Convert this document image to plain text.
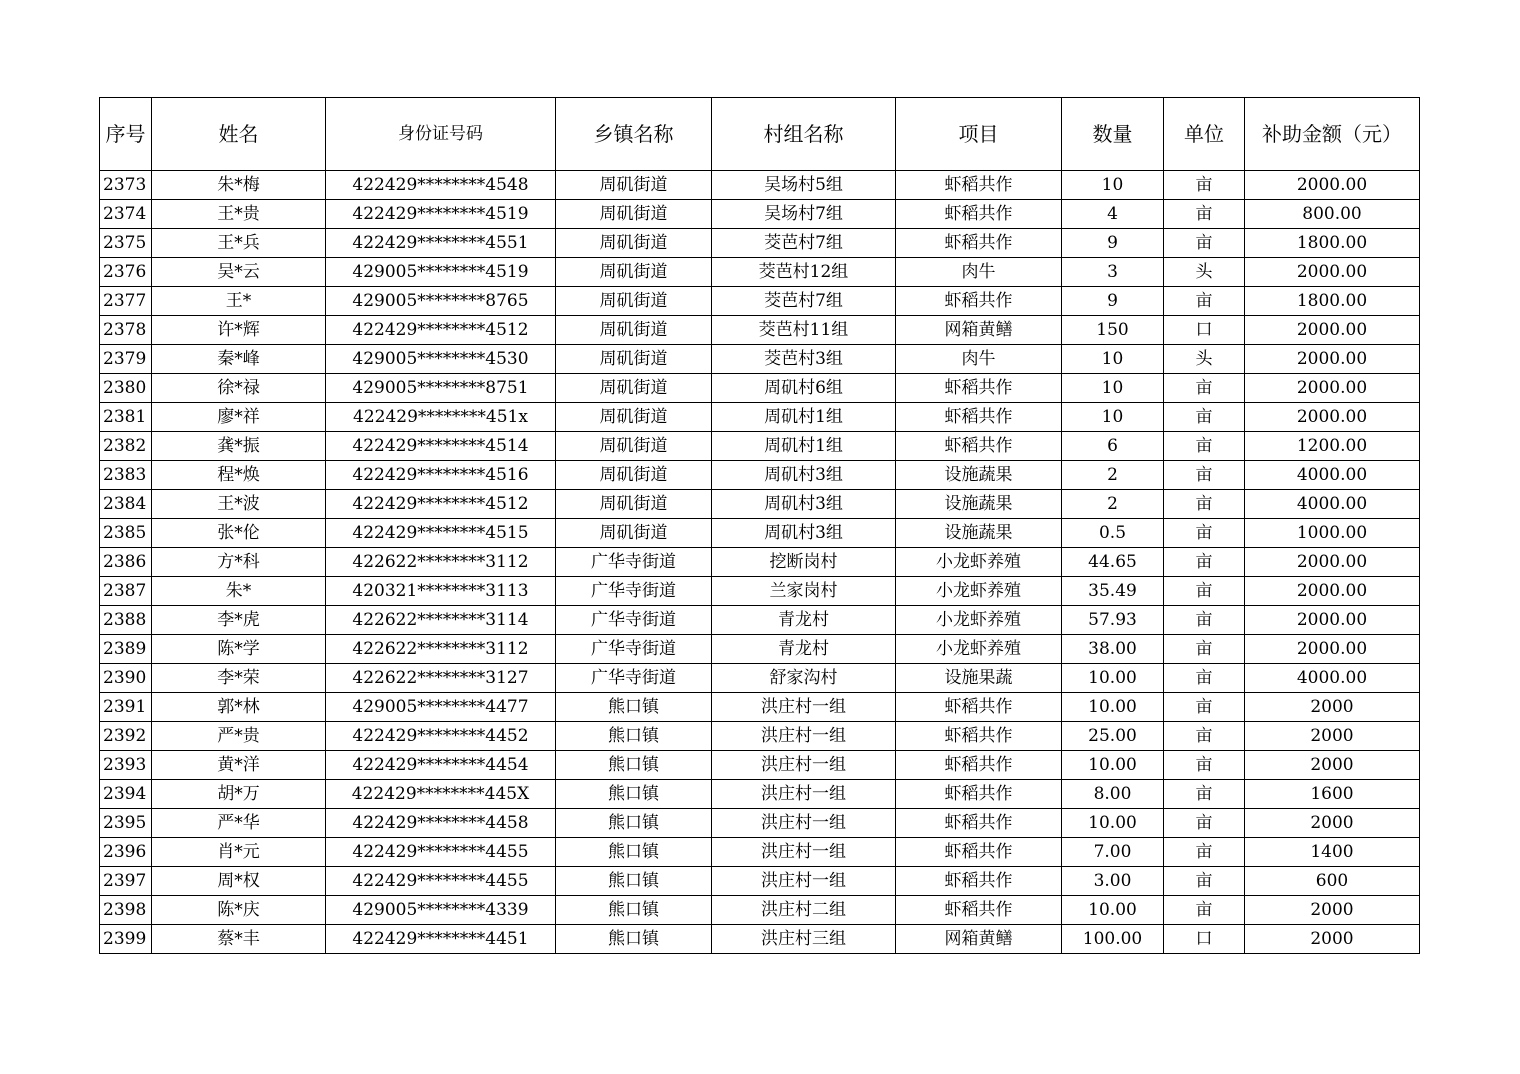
序号	姓名	身份证号码	乡镇名称	村组名称	项目	数量	单位	补助金额（元）
2373	朱*梅	422429********4548	周矶街道	吴场村5组	虾稻共作	10	亩	2000.00
2374	王*贵	422429********4519	周矶街道	吴场村7组	虾稻共作	4	亩	800.00
2375	王*兵	422429********4551	周矶街道	茭芭村7组	虾稻共作	9	亩	1800.00
2376	吴*云	429005********4519	周矶街道	茭芭村12组	肉牛	3	头	2000.00
2377	王*	429005********8765	周矶街道	茭芭村7组	虾稻共作	9	亩	1800.00
2378	许*辉	422429********4512	周矶街道	茭芭村11组	网箱黄鳝	150	口	2000.00
2379	秦*峰	429005********4530	周矶街道	茭芭村3组	肉牛	10	头	2000.00
2380	徐*禄	429005********8751	周矶街道	周矶村6组	虾稻共作	10	亩	2000.00
2381	廖*祥	422429********451x	周矶街道	周矶村1组	虾稻共作	10	亩	2000.00
2382	龚*振	422429********4514	周矶街道	周矶村1组	虾稻共作	6	亩	1200.00
2383	程*焕	422429********4516	周矶街道	周矶村3组	设施蔬果	2	亩	4000.00
2384	王*波	422429********4512	周矶街道	周矶村3组	设施蔬果	2	亩	4000.00
2385	张*伦	422429********4515	周矶街道	周矶村3组	设施蔬果	0.5	亩	1000.00
2386	方*科	422622********3112	广华寺街道	挖断岗村	小龙虾养殖	44.65	亩	2000.00
2387	朱*	420321********3113	广华寺街道	兰家岗村	小龙虾养殖	35.49	亩	2000.00
2388	李*虎	422622********3114	广华寺街道	青龙村	小龙虾养殖	57.93	亩	2000.00
2389	陈*学	422622********3112	广华寺街道	青龙村	小龙虾养殖	38.00	亩	2000.00
2390	李*荣	422622********3127	广华寺街道	舒家沟村	设施果蔬	10.00	亩	4000.00
2391	郭*林	429005********4477	熊口镇	洪庄村一组	虾稻共作	10.00	亩	2000
2392	严*贵	422429********4452	熊口镇	洪庄村一组	虾稻共作	25.00	亩	2000
2393	黄*洋	422429********4454	熊口镇	洪庄村一组	虾稻共作	10.00	亩	2000
2394	胡*万	422429********445X	熊口镇	洪庄村一组	虾稻共作	8.00	亩	1600
2395	严*华	422429********4458	熊口镇	洪庄村一组	虾稻共作	10.00	亩	2000
2396	肖*元	422429********4455	熊口镇	洪庄村一组	虾稻共作	7.00	亩	1400
2397	周*权	422429********4455	熊口镇	洪庄村一组	虾稻共作	3.00	亩	600
2398	陈*庆	429005********4339	熊口镇	洪庄村二组	虾稻共作	10.00	亩	2000
2399	蔡*丰	422429********4451	熊口镇	洪庄村三组	网箱黄鳝	100.00	口	2000
